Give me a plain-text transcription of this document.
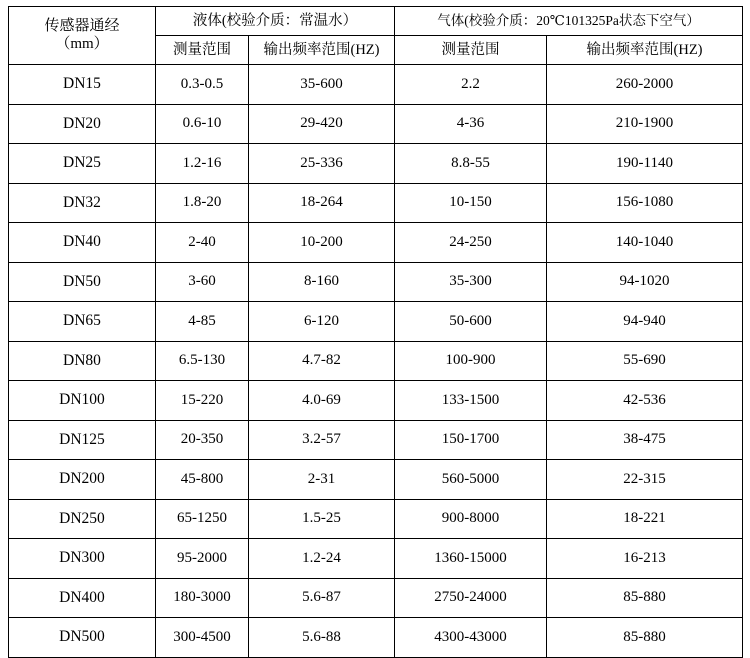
传感器通经
（mm）	液体(校验介质：常温水）		气体(校验介质：20℃101325Pa状态下空气）	
	测量范围	输出频率范围(HZ)	测量范围	输出频率范围(HZ)
DN15	0.3-0.5	35-600	2.2	260-2000
DN20	0.6-10	29-420	4-36	210-1900
DN25	1.2-16	25-336	8.8-55	190-1140
DN32	1.8-20	18-264	10-150	156-1080
DN40	2-40	10-200	24-250	140-1040
DN50	3-60	8-160	35-300	94-1020
DN65	4-85	6-120	50-600	94-940
DN80	6.5-130	4.7-82	100-900	55-690
DN100	15-220	4.0-69	133-1500	42-536
DN125	20-350	3.2-57	150-1700	38-475
DN200	45-800	2-31	560-5000	22-315
DN250	65-1250	1.5-25	900-8000	18-221
DN300	95-2000	1.2-24	1360-15000	16-213
DN400	180-3000	5.6-87	2750-24000	85-880
DN500	300-4500	5.6-88	4300-43000	85-880
